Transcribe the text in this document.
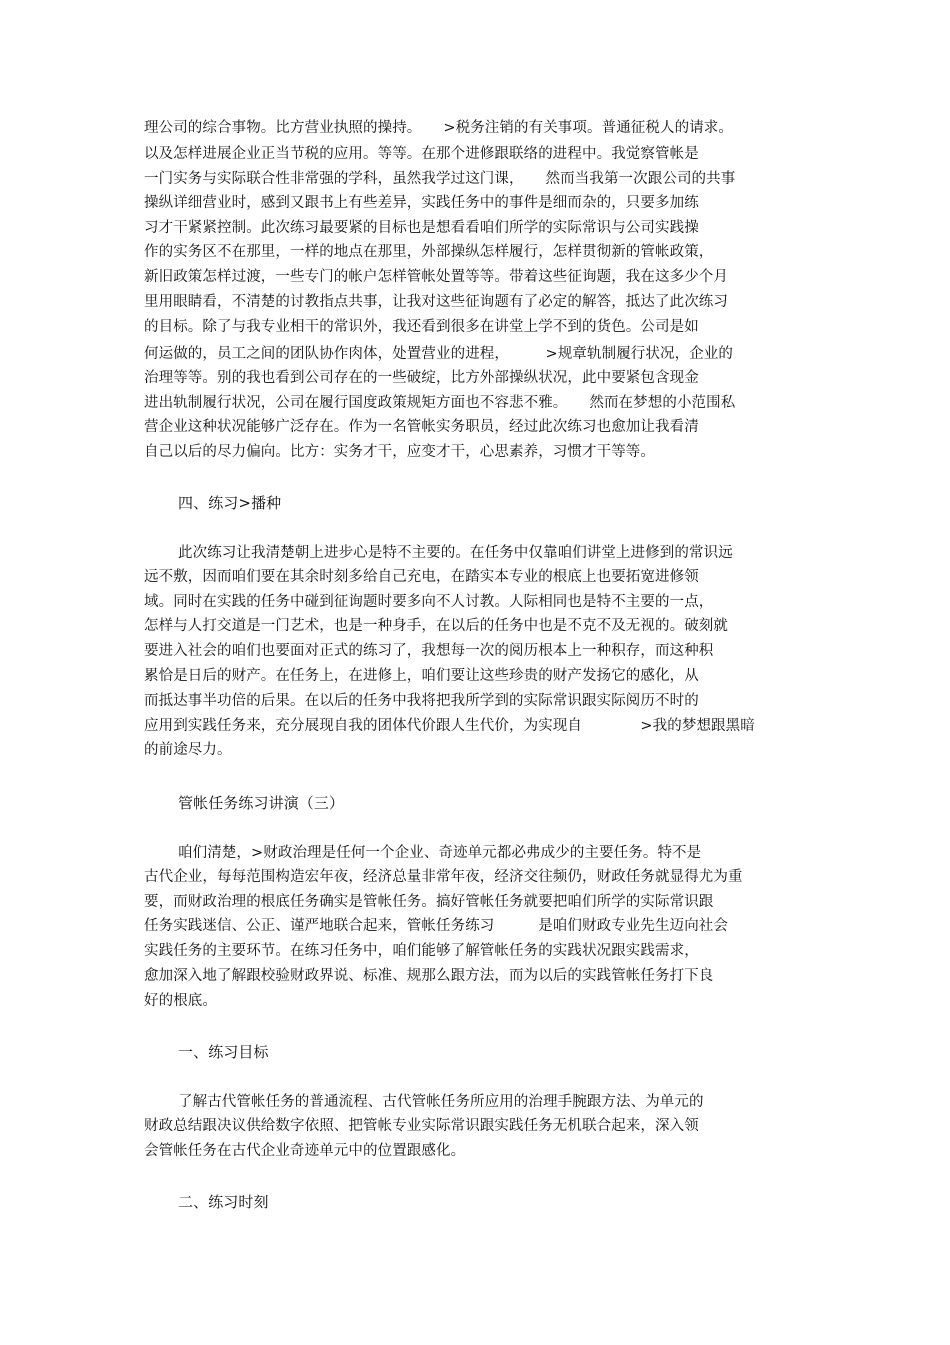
理公司的综合事物。比方营业执照的操持。　　>税务注销的有关事项。普通征税人的请求。

以及怎样进展企业正当节税的应用。等等。在那个进修跟联络的进程中。我觉察管帐是

一门实务与实际联合性非常强的学科，虽然我学过这门课，　　然而当我第一次跟公司的共事

操纵详细营业时，感到又跟书上有些差异，实践任务中的事件是细而杂的，只要多加练

习才干紧紧控制。此次练习最要紧的目标也是想看看咱们所学的实际常识与公司实践操

作的实务区不在那里，一样的地点在那里，外部操纵怎样履行，怎样贯彻新的管帐政策，

新旧政策怎样过渡，一些专门的帐户怎样管帐处置等等。带着这些征询题，我在这多少个月

里用眼睛看，不清楚的讨教指点共事，让我对这些征询题有了必定的解答，抵达了此次练习

的目标。除了与我专业相干的常识外，我还看到很多在讲堂上学不到的货色。公司是如

何运做的，员工之间的团队协作肉体，处置营业的进程，　　　>规章轨制履行状况，企业的

治理等等。别的我也看到公司存在的一些破绽，比方外部操纵状况，此中要紧包含现金

进出轨制履行状况，公司在履行国度政策规矩方面也不容悲不雅。　　然而在梦想的小范围私

营企业这种状况能够广泛存在。作为一名管帐实务职员，经过此次练习也愈加让我看清

自己以后的尽力偏向。比方：实务才干，应变才干，心思素养，习惯才干等等。

四、练习>播种

此次练习让我清楚朝上进步心是特不主要的。在任务中仅靠咱们讲堂上进修到的常识远

远不敷，因而咱们要在其余时刻多给自己充电，在踏实本专业的根底上也要拓宽进修领

域。同时在实践的任务中碰到征询题时要多向不人讨教。人际相同也是特不主要的一点，

怎样与人打交道是一门艺术，也是一种身手，在以后的任务中也是不克不及无视的。破刻就

要进入社会的咱们也要面对正式的练习了，我想每一次的阅历根本上一种积存，而这种积

累恰是日后的财产。在任务上，在进修上，咱们要让这些珍贵的财产发扬它的感化，从

而抵达事半功倍的后果。在以后的任务中我将把我所学到的实际常识跟实际阅历不时的

应用到实践任务来，充分展现自我的团体代价跟人生代价，为实现自　　　　>我的梦想跟黑暗

的前途尽力。

管帐任务练习讲演（三）

咱们清楚，>财政治理是任何一个企业、奇迹单元都必弗成少的主要任务。特不是

古代企业，每每范围构造宏年夜，经济总量非常年夜，经济交往频仍，财政任务就显得尤为重

要，而财政治理的根底任务确实是管帐任务。搞好管帐任务就要把咱们所学的实际常识跟

任务实践迷信、公正、谨严地联合起来，管帐任务练习　　　是咱们财政专业先生迈向社会

实践任务的主要环节。在练习任务中，咱们能够了解管帐任务的实践状况跟实践需求，

愈加深入地了解跟校验财政界说、标准、规那么跟方法，而为以后的实践管帐任务打下良

好的根底。

一、练习目标

了解古代管帐任务的普通流程、古代管帐任务所应用的治理手腕跟方法、为单元的

财政总结跟决议供给数字依照、把管帐专业实际常识跟实践任务无机联合起来，深入领

会管帐任务在古代企业奇迹单元中的位置跟感化。

二、练习时刻
